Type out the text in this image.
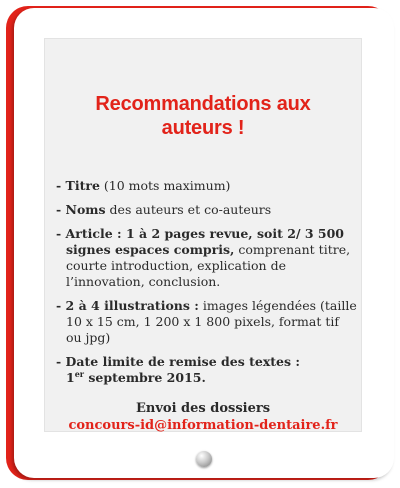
Recommandations aux
auteurs !
- Titre (10 mots maximum)
- Noms des auteurs et co-auteurs
- Article : 1 à 2 pages revue, soit 2/ 3 500 signes espaces compris, comprenant titre, courte introduction, explication de l’innovation, conclusion.
- 2 à 4 illustrations : images légendées (taille 10 x 15 cm, 1 200 x 1 800 pixels, format tif ou jpg)
- Date limite de remise des textes :
1er septembre 2015.
Envoi des dossiers
concours-id@information-dentaire.fr
